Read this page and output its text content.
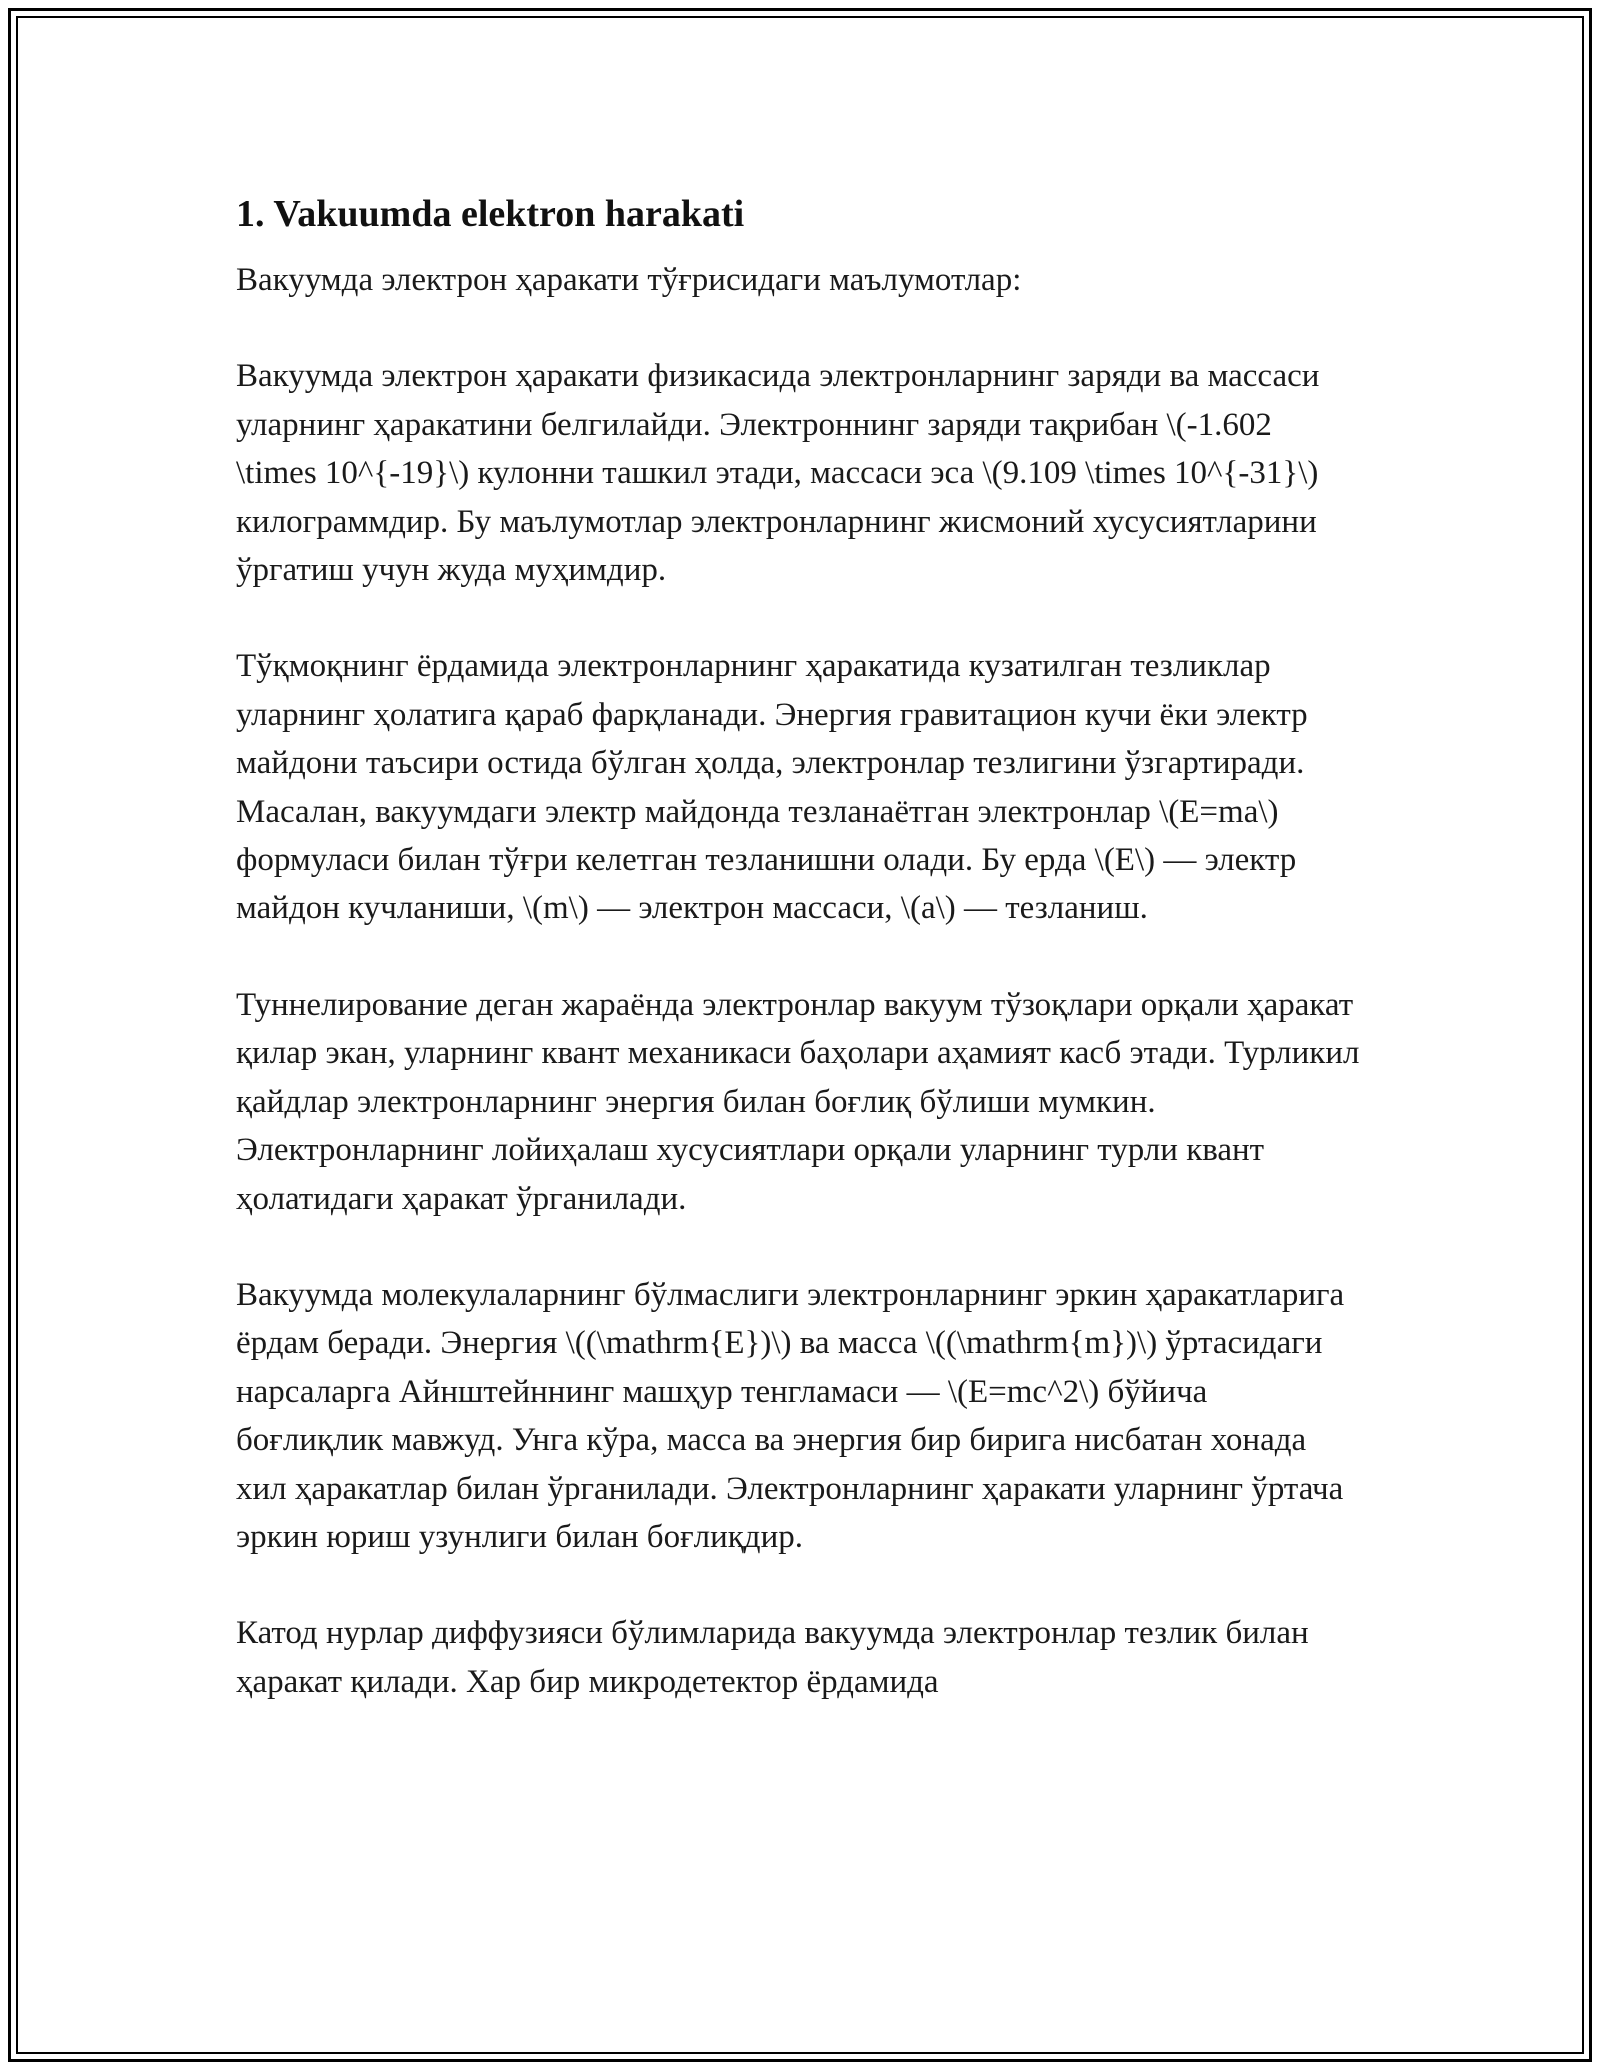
1. Vakuumda elektron harakati

Вакуумда электрон ҳаракати тўғрисидаги маълумотлар:

Вакуумда электрон ҳаракати физикасида электронларнинг заряди ва массаси уларнинг ҳаракатини белгилайди. Электроннинг заряди тақрибан \(-1.602 \times 10^{-19}\) кулонни ташкил этади, массаси эса \(9.109 \times 10^{-31}\) килограммдир. Бу маълумотлар электронларнинг жисмоний хусусиятларини ўргатиш учун жуда муҳимдир.

Тўқмоқнинг ёрдамида электронларнинг ҳаракатида кузатилган тезликлар уларнинг ҳолатига қараб фарқланади. Энергия гравитацион кучи ёки электр майдони таъсири остида бўлган ҳолда, электронлар тезлигини ўзгартиради. Масалан, вакуумдаги электр майдонда тезланаётган электронлар \(E=ma\) формуласи билан тўғри келетган тезланишни олади. Бу ерда \(E\) — электр майдон кучланиши, \(m\) — электрон массаси, \(a\) — тезланиш.

Туннелирование деган жараёнда электронлар вакуум тўзоқлари орқали ҳаракат қилар экан, уларнинг квант механикаси баҳолари аҳамият касб этади. Турликил қайдлар электронларнинг энергия билан боғлиқ бўлиши мумкин. Электронларнинг лойиҳалаш хусусиятлари орқали уларнинг турли квант ҳолатидаги ҳаракат ўрганилади.

Вакуумда молекулаларнинг бўлмаслиги электронларнинг эркин ҳаракатларига ёрдам беради. Энергия \((\mathrm{E})\) ва масса \((\mathrm{m})\) ўртасидаги нарсаларга Айнштейннинг машҳур тенгламаси — \(E=mc^2\) бўйича боғлиқлик мавжуд. Унга кўра, масса ва энергия бир бирига нисбатан хонада хил ҳаракатлар билан ўрганилади. Электронларнинг ҳаракати уларнинг ўртача эркин юриш узунлиги билан боғлиқдир.

Катод нурлар диффузияси бўлимларида вакуумда электронлар тезлик билан ҳаракат қилади. Хар бир микродетектор ёрдамида
